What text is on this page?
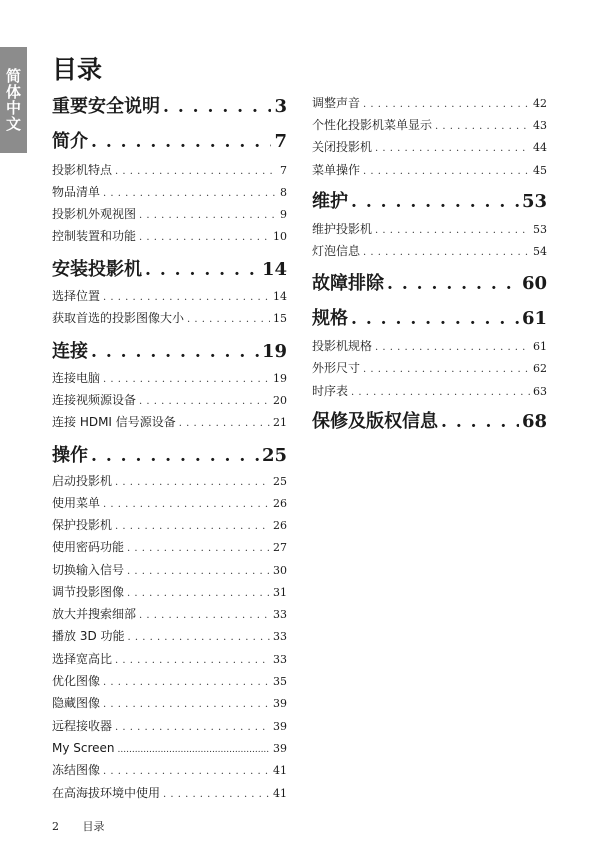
简体中文 目录
重要安全说明 . . .	3
简介 . . .	7
投影机特点 . . .	7
物品清单 . . .	8
投影机外观视图 . . .	9
控制装置和功能 . . .	10
安装投影机 . . .	14
选择位置 . . .	14
获取首选的投影图像大小 . . .	15
连接 . . .	19
连接电脑 . . .	19
连接视频源设备 . . .	20
连接 HDMI 信号源设备 . . .	21
操作 . . .	25
启动投影机 . . .	25
使用菜单 . . .	26
保护投影机 . . .	26
使用密码功能 . . .	27
切换输入信号 . . .	30
调节投影图像 . . .	31
放大并搜索细部 . . .	33
播放 3D 功能 . . .	33
选择宽高比 . . .	33
优化图像 . . .	35
隐藏图像 . . .	39
远程接收器 . . .	39
My Screen .....	39
冻结图像 . . .	41
在高海拔环境中使用 . . .	41
调整声音 . . .	42
个性化投影机菜单显示 . . .	43
关闭投影机 . . .	44
菜单操作 . . .	45
维护 . . .	53
维护投影机 . . .	53
灯泡信息 . . .	54
故障排除 . . .	60
规格 . . .	61
投影机规格 . . .	61
外形尺寸 . . .	62
时序表 . . .	63
保修及版权信息 . . .	68
2 目录
